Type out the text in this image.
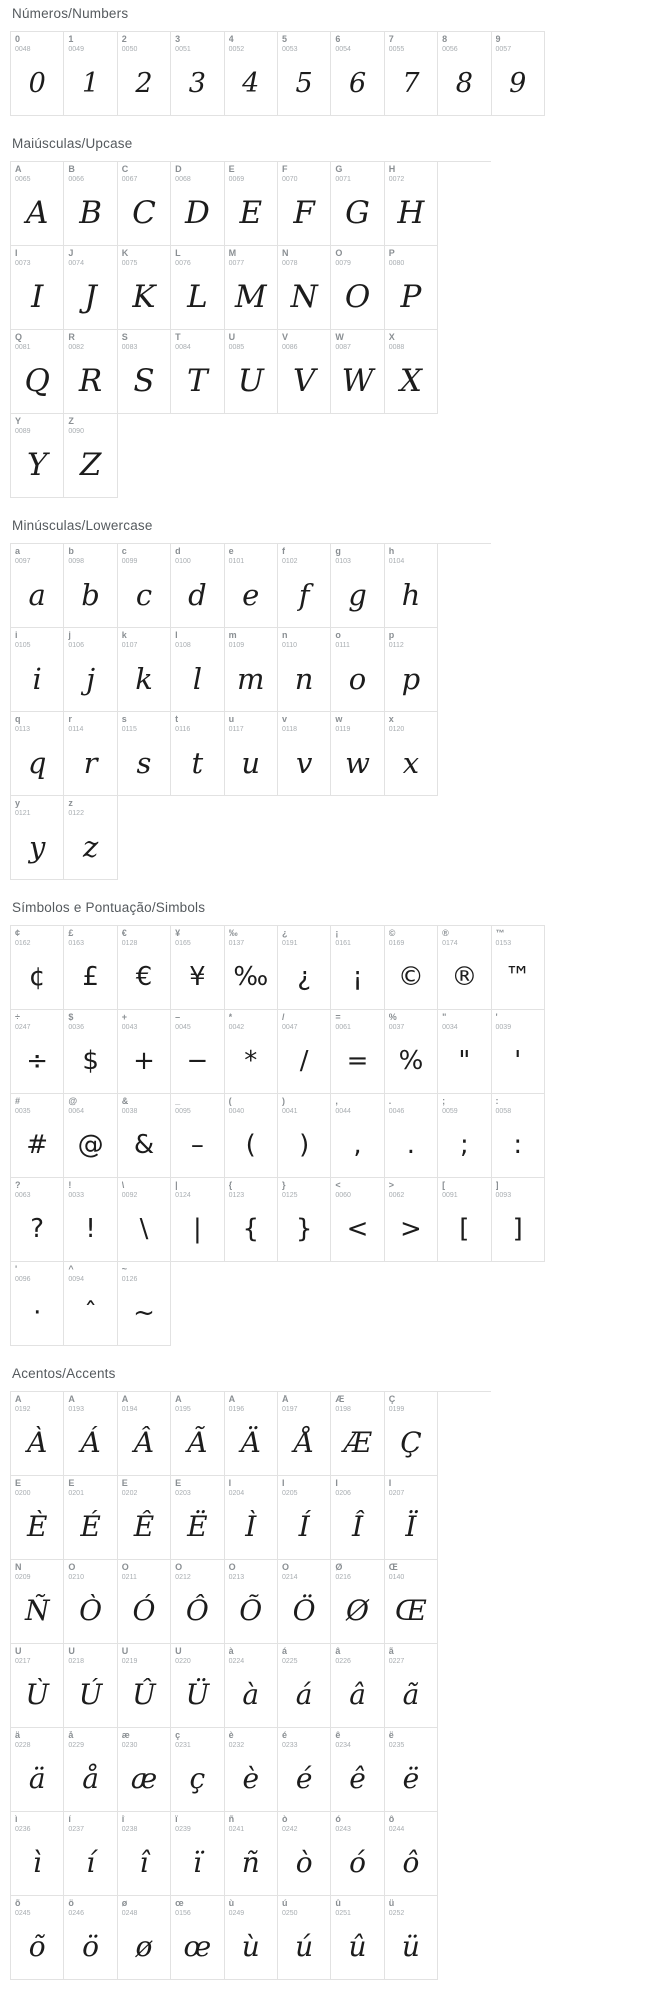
Números/Numbers
0
0048
0
1
0049
1
2
0050
2
3
0051
3
4
0052
4
5
0053
5
6
0054
6
7
0055
7
8
0056
8
9
0057
9
Maiúsculas/Upcase
A
0065
A
B
0066
B
C
0067
C
D
0068
D
E
0069
E
F
0070
F
G
0071
G
H
0072
H
I
0073
I
J
0074
J
K
0075
K
L
0076
L
M
0077
M
N
0078
N
O
0079
O
P
0080
P
Q
0081
Q
R
0082
R
S
0083
S
T
0084
T
U
0085
U
V
0086
V
W
0087
W
X
0088
X
Y
0089
Y
Z
0090
Z
Minúsculas/Lowercase
a
0097
a
b
0098
b
c
0099
c
d
0100
d
e
0101
e
f
0102
f
g
0103
g
h
0104
h
i
0105
i
j
0106
j
k
0107
k
l
0108
l
m
0109
m
n
0110
n
o
0111
o
p
0112
p
q
0113
q
r
0114
r
s
0115
s
t
0116
t
u
0117
u
v
0118
v
w
0119
w
x
0120
x
y
0121
y
z
0122
z
Símbolos e Pontuação/Simbols
¢
0162
¢
£
0163
£
€
0128
€
¥
0165
¥
‰
0137
‰
¿
0191
¿
¡
0161
¡
©
0169
©
®
0174
®
™
0153
™
÷
0247
÷
$
0036
$
+
0043
+
–
0045
−
*
0042
*
/
0047
/
=
0061
=
%
0037
%
"
0034
"
'
0039
'
#
0035
#
@
0064
@
&
0038
&
_
0095
–
(
0040
(
)
0041
)
,
0044
,
.
0046
.
;
0059
;
:
0058
:
?
0063
?
!
0033
!
\
0092
\
|
0124
|
{
0123
{
}
0125
}
<
0060
<
>
0062
>
[
0091
[
]
0093
]
'
0096
·
^
0094
ˆ
~
0126
~
Acentos/Accents
À
0192
À
Á
0193
Á
Â
0194
Â
Ã
0195
Ã
Ä
0196
Ä
Å
0197
Å
Æ
0198
Æ
Ç
0199
Ç
È
0200
È
É
0201
É
Ê
0202
Ê
Ë
0203
Ë
Ì
0204
Ì
Í
0205
Í
Î
0206
Î
Ï
0207
Ï
Ñ
0209
Ñ
Ò
0210
Ò
Ó
0211
Ó
Ô
0212
Ô
Õ
0213
Õ
Ö
0214
Ö
Ø
0216
Ø
Œ
0140
Œ
Ù
0217
Ù
Ú
0218
Ú
Û
0219
Û
Ü
0220
Ü
à
0224
à
á
0225
á
â
0226
â
ã
0227
ã
ä
0228
ä
å
0229
å
æ
0230
æ
ç
0231
ç
è
0232
è
é
0233
é
ê
0234
ê
ë
0235
ë
ì
0236
ì
í
0237
í
î
0238
î
ï
0239
ï
ñ
0241
ñ
ò
0242
ò
ó
0243
ó
ô
0244
ô
õ
0245
õ
ö
0246
ö
ø
0248
ø
œ
0156
œ
ù
0249
ù
ú
0250
ú
û
0251
û
ü
0252
ü
